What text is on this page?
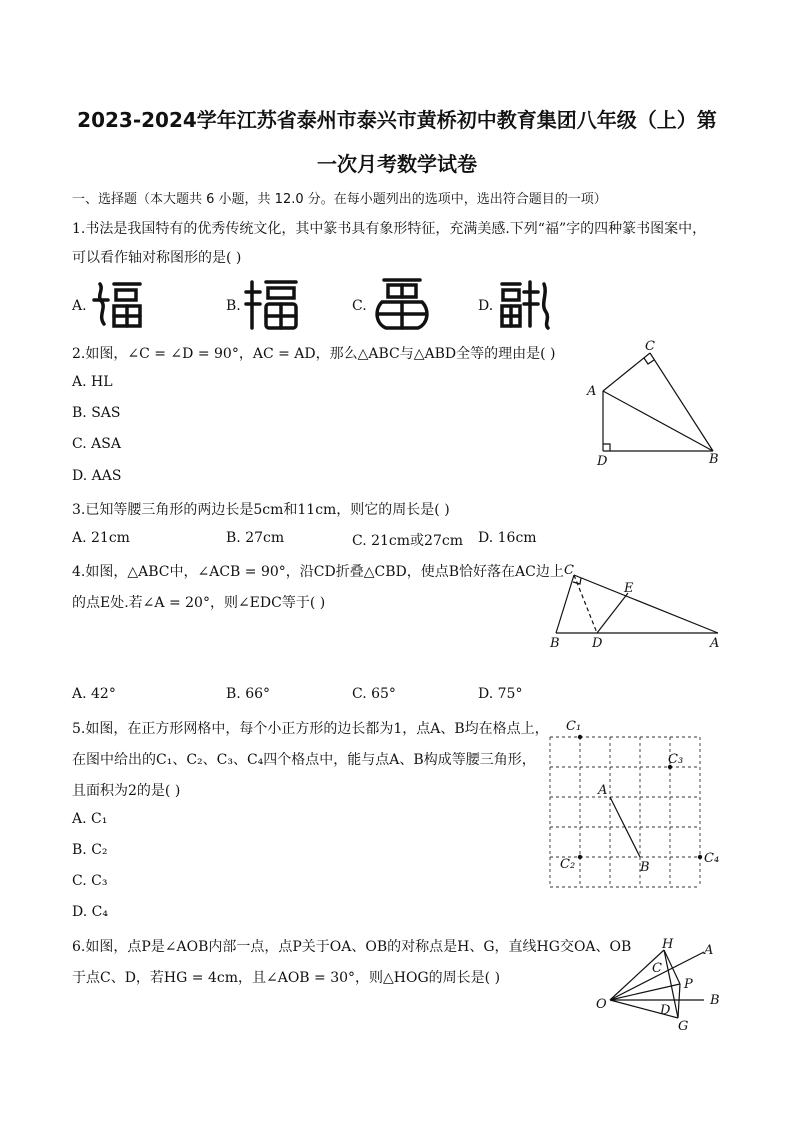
2023-2024学年江苏省泰州市泰兴市黄桥初中教育集团八年级（上）第
一次月考数学试卷
一、选择题（本大题共 6 小题，共 12.0 分。在每小题列出的选项中，选出符合题目的一项）
1.书法是我国特有的优秀传统文化，其中篆书具有象形特征，充满美感.下列“福”字的四种篆书图案中，
可以看作轴对称图形的是( )
A.	B.	C.	D.
2.如图，∠C = ∠D = 90°，AC = AD，那么△ABC与△ABD全等的理由是( )
A. HL
B. SAS
C. ASA
D. AAS
A
C
D	B
3.已知等腰三角形的两边长是5cm和11cm，则它的周长是( )
A. 21cm	B. 27cm	C. 21cm或27cm D. 16cm
4.如图，△ABC中，∠ACB = 90°，沿CD折叠△CBD，使点B恰好落在AC边上
的点E处.若∠A = 20°，则∠EDC等于( )
C
E
B D	A
A. 42°	B. 66°	C. 65°	D. 75°
5.如图，在正方形网格中，每个小正方形的边长都为1，点A、B均在格点上，
在图中给出的C₁、C₂、C₃、C₄四个格点中，能与点A、B构成等腰三角形，
且面积为2的是( )
A. C₁
B. C₂
C. C₃
D. C₄
C₁
C₃
A
C₂	B
C₄
6.如图，点P是∠AOB内部一点，点P关于OA、OB的对称点是H、G，直线HG交OA、OB
于点C、D，若HG = 4cm，且∠AOB = 30°，则△HOG的周长是( )
O
H A
C
P
B
D
G
